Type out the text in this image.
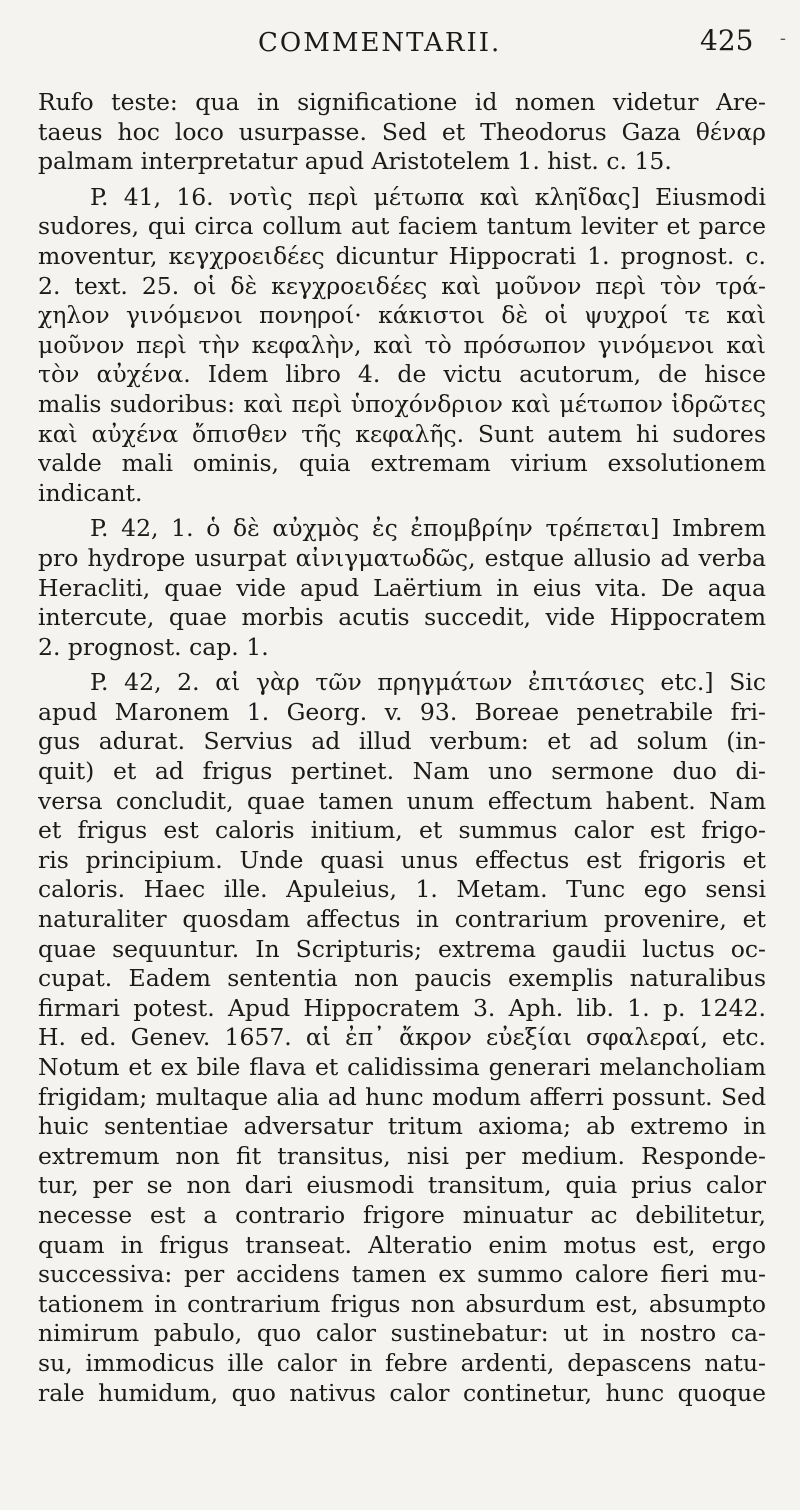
COMMENTARII.	425 -
Rufo teste: qua in significatione id nomen videtur Are-
taeus hoc loco usurpasse. Sed et Theodorus Gaza θέναρ
palmam interpretatur apud Aristotelem 1. hist. c. 15.
P. 41, 16. νοτὶς περὶ μέτωπα καὶ κληῖδας] Eiusmodi
sudores, qui circa collum aut faciem tantum leviter et parce
moventur, κεγχροειδέες dicuntur Hippocrati 1. prognost. c.
2. text. 25. οἱ δὲ κεγχροειδέες καὶ μοῦνον περὶ τὸν τρά-
χηλον γινόμενοι πονηροί· κάκιστοι δὲ οἱ ψυχροί τε καὶ
μοῦνον περὶ τὴν κεφαλὴν, καὶ τὸ πρόσωπον γινόμενοι καὶ
τὸν αὐχένα. Idem libro 4. de victu acutorum, de hisce
malis sudoribus: καὶ περὶ ὑποχόνδριον καὶ μέτωπον ἱδρῶτες
καὶ αὐχένα ὄπισθεν τῆς κεφαλῆς. Sunt autem hi sudores
valde mali ominis, quia extremam virium exsolutionem
indicant.
P. 42, 1. ὁ δὲ αὐχμὸς ἐς ἐπομβρίην τρέπεται] Imbrem
pro hydrope usurpat αἰνιγματωδῶς, estque allusio ad verba
Heracliti, quae vide apud Laërtium in eius vita. De aqua
intercute, quae morbis acutis succedit, vide Hippocratem
2. prognost. cap. 1.
P. 42, 2. αἱ γὰρ τῶν πρηγμάτων ἐπιτάσιες etc.] Sic
apud Maronem 1. Georg. v. 93. Boreae penetrabile fri-
gus adurat. Servius ad illud verbum: et ad solum (in-
quit) et ad frigus pertinet. Nam uno sermone duo di-
versa concludit, quae tamen unum effectum habent. Nam
et frigus est caloris initium, et summus calor est frigo-
ris principium. Unde quasi unus effectus est frigoris et
caloris. Haec ille. Apuleius, 1. Metam. Tunc ego sensi
naturaliter quosdam affectus in contrarium provenire, et
quae sequuntur. In Scripturis; extrema gaudii luctus oc-
cupat. Eadem sententia non paucis exemplis naturalibus
firmari potest. Apud Hippocratem 3. Aph. lib. 1. p. 1242.
H. ed. Genev. 1657. αἱ ἐπ᾽ ἄκρον εὐεξίαι σφαλεραί, etc.
Notum et ex bile flava et calidissima generari melancholiam
frigidam; multaque alia ad hunc modum afferri possunt. Sed
huic sententiae adversatur tritum axioma; ab extremo in
extremum non fit transitus, nisi per medium. Responde-
tur, per se non dari eiusmodi transitum, quia prius calor
necesse est a contrario frigore minuatur ac debilitetur,
quam in frigus transeat. Alteratio enim motus est, ergo
successiva: per accidens tamen ex summo calore fieri mu-
tationem in contrarium frigus non absurdum est, absumpto
nimirum pabulo, quo calor sustinebatur: ut in nostro ca-
su, immodicus ille calor in febre ardenti, depascens natu-
rale humidum, quo nativus calor continetur, hunc quoque
